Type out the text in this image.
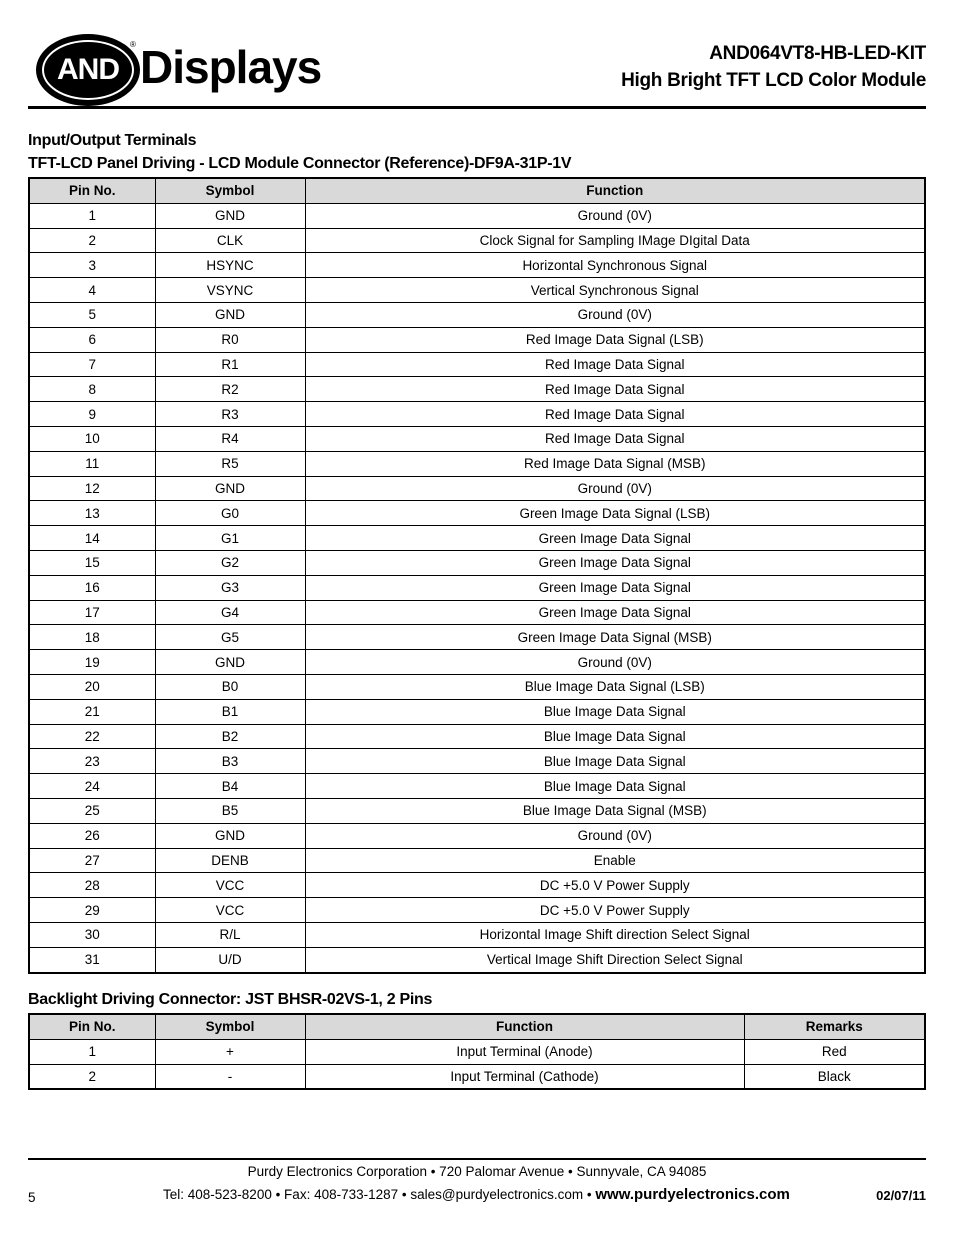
AND
® Displays	AND064VT8-HB-LED-KIT
High Bright TFT LCD Color Module
Input/Output Terminals
TFT-LCD Panel Driving - LCD Module Connector (Reference)-DF9A-31P-1V
Pin No.	Symbol	Function
1	GND	Ground (0V)
2	CLK	Clock Signal for Sampling IMage DIgital Data
3	HSYNC	Horizontal Synchronous Signal
4	VSYNC	Vertical Synchronous Signal
5	GND	Ground (0V)
6	R0	Red Image Data Signal (LSB)
7	R1	Red Image Data Signal
8	R2	Red Image Data Signal
9	R3	Red Image Data Signal
10	R4	Red Image Data Signal
11	R5	Red Image Data Signal (MSB)
12	GND	Ground (0V)
13	G0	Green Image Data Signal (LSB)
14	G1	Green Image Data Signal
15	G2	Green Image Data Signal
16	G3	Green Image Data Signal
17	G4	Green Image Data Signal
18	G5	Green Image Data Signal (MSB)
19	GND	Ground (0V)
20	B0	Blue Image Data Signal (LSB)
21	B1	Blue Image Data Signal
22	B2	Blue Image Data Signal
23	B3	Blue Image Data Signal
24	B4	Blue Image Data Signal
25	B5	Blue Image Data Signal (MSB)
26	GND	Ground (0V)
27	DENB	Enable
28	VCC	DC +5.0 V Power Supply
29	VCC	DC +5.0 V Power Supply
30	R/L	Horizontal Image Shift direction Select Signal
31	U/D	Vertical Image Shift Direction Select Signal
Backlight Driving Connector: JST BHSR-02VS-1, 2 Pins
Pin No.	Symbol	Function	Remarks
1	+	Input Terminal (Anode)	Red
2	-	Input Terminal (Cathode)	Black
Purdy Electronics Corporation • 720 Palomar Avenue • Sunnyvale, CA 94085
Tel: 408-523-8200 • Fax: 408-733-1287 • sales@purdyelectronics.com • www.purdyelectronics.com
5	02/07/11
